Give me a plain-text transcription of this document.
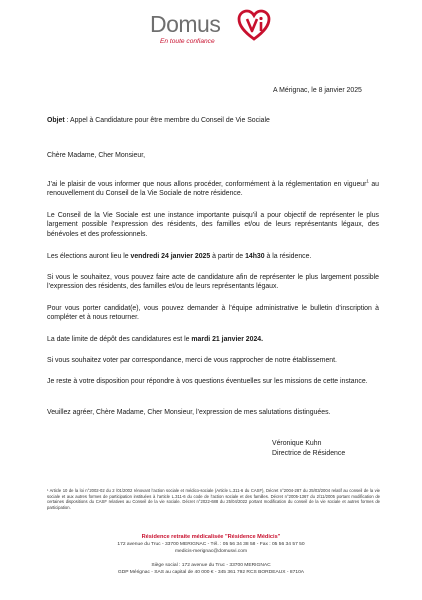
Domus
En toute confiance
A Mérignac, le 8 janvier 2025
Objet : Appel à Candidature pour être membre du Conseil de Vie Sociale
Chère Madame, Cher Monsieur,
J’ai le plaisir de vous informer que nous allons procéder, conformément à la réglementation en vigueur$^1$ au renouvellement du Conseil de la Vie Sociale de notre résidence.
Le Conseil de la Vie Sociale est une instance importante puisqu’il a pour objectif de représenter le plus largement possible l’expression des résidents, des familles et/ou de leurs représentants légaux, des bénévoles et des professionnels.
Les élections auront lieu le vendredi 24 janvier 2025 à partir de 14h30 à la résidence.
Si vous le souhaitez, vous pouvez faire acte de candidature afin de représenter le plus largement possible l’expression des résidents, des familles et/ou de leurs représentants légaux.
Pour vous porter candidat(e), vous pouvez demander à l’équipe administrative le bulletin d’inscription à compléter et à nous retourner.
La date limite de dépôt des candidatures est le mardi 21 janvier 2024.
Si vous souhaitez voter par correspondance, merci de vous rapprocher de notre établissement.
Je reste à votre disposition pour répondre à vos questions éventuelles sur les missions de cette instance.
Veuillez agréer, Chère Madame, Cher Monsieur, l’expression de mes salutations distinguées.
Véronique Kuhn
Directrice de Résidence
¹ Article 10 de la loi n°2002-02 du 2 /01/2002 rénovant l’action sociale et médico-sociale (Article L.311-6 du CASF), Décret n°2004-287 du 25/03/2004 relatif au conseil de la vie sociale et aux autres formes de participation instituées à l’article L.311-6 du code de l’action sociale et des familles. Décret n°2005-1367 du 2/11/2005 portant modification de certaines dispositions du CASF relatives au Conseil de la vie sociale. Décret n°2022-688 du 25/04/2022 portant modification du conseil de la vie sociale et autres formes de participation.
Résidence retraite médicalisée "Résidence Médicis"
172 avenue du Truc - 33700 MERIGNAC - Tél. : 05 56 34 38 58 - Fax : 05 56 34 57 50
medicis-merignac@domusvi.com
Siège social : 172 avenue du Truc - 33700 MERIGNAC
GDP Mérignac - SAS au capital de 40 000 € - 345 361 792 RCS BORDEAUX - 8710A
